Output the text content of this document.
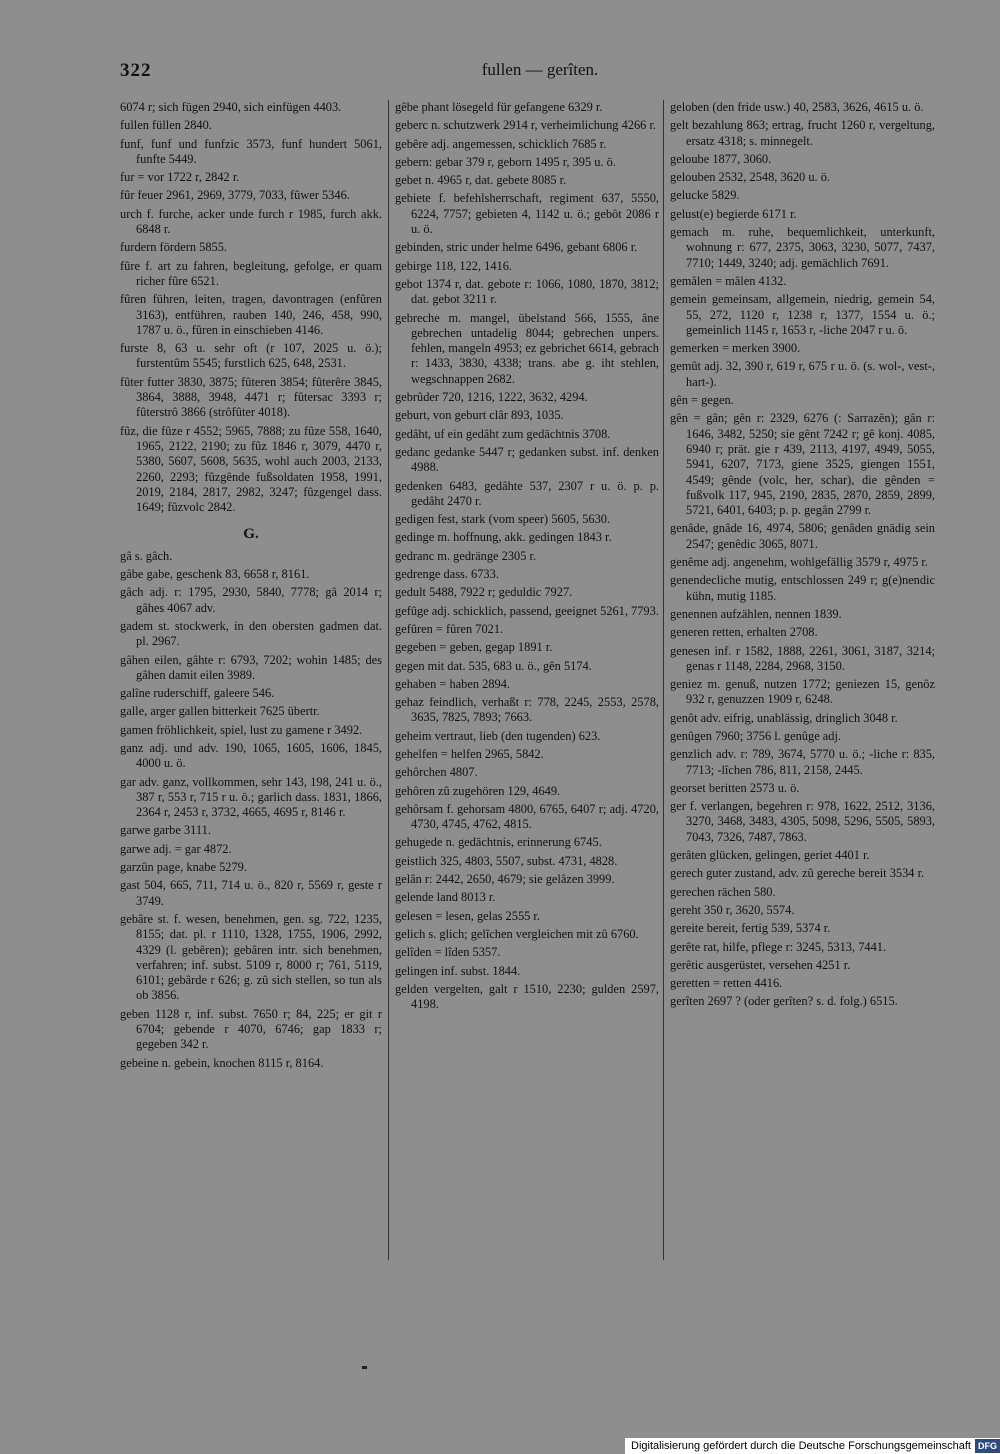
322	fullen — gerîten.

6074 r; sich fügen 2940, sich einfügen 4403.

fullen füllen 2840.

funf, funf und funfzic 3573, funf hundert 5061, funfte 5449.

fur = vor 1722 r, 2842 r.

fûr feuer 2961, 2969, 3779, 7033, fûwer 5346.

urch f. furche, acker unde furch r 1985, furch akk. 6848 r.

furdern fördern 5855.

fûre f. art zu fahren, begleitung, gefolge, er quam richer fûre 6521.

fûren führen, leiten, tragen, davontragen (enfûren 3163), entführen, rauben 140, 246, 458, 990, 1787 u. ö., fûren in einschieben 4146.

furste 8, 63 u. sehr oft (r 107, 2025 u. ö.); furstentûm 5545; furstlich 625, 648, 2531.

fûter futter 3830, 3875; fûteren 3854; fûterêre 3845, 3864, 3888, 3948, 4471 r; fûtersac 3393 r; fûterstrô 3866 (strôfûter 4018).

fûz, die fûze r 4552; 5965, 7888; zu fûze 558, 1640, 1965, 2122, 2190; zu fûz 1846 r, 3079, 4470 r, 5380, 5607, 5608, 5635, wohl auch 2003, 2133, 2260, 2293; fûzgênde fußsoldaten 1958, 1991, 2019, 2184, 2817, 2982, 3247; fûzgengel dass. 1649; fûzvolc 2842.

G.

gâ s. gâch.

gâbe gabe, geschenk 83, 6658 r, 8161.

gâch adj. r: 1795, 2930, 5840, 7778; gâ 2014 r; gâhes 4067 adv.

gadem st. stockwerk, in den obersten gadmen dat. pl. 2967.

gâhen eilen, gâhte r: 6793, 7202; wohin 1485; des gâhen damit eilen 3989.

galîne ruderschiff, galeere 546.

galle, arger gallen bitterkeit 7625 übertr.

gamen fröhlichkeit, spiel, lust zu gamene r 3492.

ganz adj. und adv. 190, 1065, 1605, 1606, 1845, 4000 u. ö.

gar adv. ganz, vollkommen, sehr 143, 198, 241 u. ö., 387 r, 553 r, 715 r u. ö.; garlich dass. 1831, 1866, 2364 r, 2453 r, 3732, 4665, 4695 r, 8146 r.

garwe garbe 3111.

garwe adj. = gar 4872.

garzûn page, knabe 5279.

gast 504, 665, 711, 714 u. ö., 820 r, 5569 r, geste r 3749.

gebâre st. f. wesen, benehmen, gen. sg. 722, 1235, 8155; dat. pl. r 1110, 1328, 1755, 1906, 2992, 4329 (l. gebêren); gebâren intr. sich benehmen, verfahren; inf. subst. 5109 r, 8000 r; 761, 5119, 6101; gebârde r 626; g. zû sich stellen, so tun als ob 3856.

geben 1128 r, inf. subst. 7650 r; 84, 225; er git r 6704; gebende r 4070, 6746; gap 1833 r; gegeben 342 r.

gebeine n. gebein, knochen 8115 r, 8164.

gêbe phant lösegeld für gefangene 6329 r.

geberc n. schutzwerk 2914 r, verheimlichung 4266 r.

gebêre adj. angemessen, schicklich 7685 r.

gebern: gebar 379 r, geborn 1495 r, 395 u. ö.

gebet n. 4965 r, dat. gebete 8085 r.

gebiete f. befehlsherrschaft, regiment 637, 5550, 6224, 7757; gebieten 4, 1142 u. ö.; gebôt 2086 r u. ö.

gebinden, stric under helme 6496, gebant 6806 r.

gebirge 118, 122, 1416.

gebot 1374 r, dat. gebote r: 1066, 1080, 1870, 3812; dat. gebot 3211 r.

gebreche m. mangel, übelstand 566, 1555, âne gebrechen untadelig 8044; gebrechen unpers. fehlen, mangeln 4953; ez gebrichet 6614, gebrach r: 1433, 3830, 4338; trans. abe g. iht stehlen, wegschnappen 2682.

gebrûder 720, 1216, 1222, 3632, 4294.

geburt, von geburt clâr 893, 1035.

gedâht, uf ein gedâht zum gedächtnis 3708.

gedanc gedanke 5447 r; gedanken subst. inf. denken 4988.

gedenken 6483, gedâhte 537, 2307 r u. ö. p. p. gedâht 2470 r.

gedigen fest, stark (vom speer) 5605, 5630.

gedinge m. hoffnung, akk. gedingen 1843 r.

gedranc m. gedränge 2305 r.

gedrenge dass. 6733.

gedult 5488, 7922 r; geduldic 7927.

gefûge adj. schicklich, passend, geeignet 5261, 7793.

gefûren = fûren 7021.

gegeben = geben, gegap 1891 r.

gegen mit dat. 535, 683 u. ö., gên 5174.

gehaben = haben 2894.

gehaz feindlich, verhaßt r: 778, 2245, 2553, 2578, 3635, 7825, 7893; 7663.

geheim vertraut, lieb (den tugenden) 623.

gehelfen = helfen 2965, 5842.

gehôrchen 4807.

gehôren zû zugehören 129, 4649.

gehôrsam f. gehorsam 4800, 6765, 6407 r; adj. 4720, 4730, 4745, 4762, 4815.

gehugede n. gedächtnis, erinnerung 6745.

geistlich 325, 4803, 5507, subst. 4731, 4828.

gelân r: 2442, 2650, 4679; sie gelâzen 3999.

gelende land 8013 r.

gelesen = lesen, gelas 2555 r.

gelich s. glich; gelîchen vergleichen mit zû 6760.

gelîden = lîden 5357.

gelingen inf. subst. 1844.

gelden vergelten, galt r 1510, 2230; gulden 2597, 4198.

geloben (den fride usw.) 40, 2583, 3626, 4615 u. ö.

gelt bezahlung 863; ertrag, frucht 1260 r, vergeltung, ersatz 4318; s. minnegelt.

geloube 1877, 3060.

gelouben 2532, 2548, 3620 u. ö.

gelucke 5829.

gelust(e) begierde 6171 r.

gemach m. ruhe, bequemlichkeit, unterkunft, wohnung r: 677, 2375, 3063, 3230, 5077, 7437, 7710; 1449, 3240; adj. gemächlich 7691.

gemâlen = mâlen 4132.

gemein gemeinsam, allgemein, niedrig, gemein 54, 55, 272, 1120 r, 1238 r, 1377, 1554 u. ö.; gemeinlich 1145 r, 1653 r, -liche 2047 r u. ö.

gemerken = merken 3900.

gemût adj. 32, 390 r, 619 r, 675 r u. ö. (s. wol-, vest-, hart-).

gên = gegen.

gên = gân; gên r: 2329, 6276 (: Sarrazên); gân r: 1646, 3482, 5250; sie gênt 7242 r; gê konj. 4085, 6940 r; prät. gie r 439, 2113, 4197, 4949, 5055, 5941, 6207, 7173, giene 3525, giengen 1551, 4549; gênde (volc, her, schar), die gênden = fußvolk 117, 945, 2190, 2835, 2870, 2859, 2899, 5721, 6401, 6403; p. p. gegân 2799 r.

genâde, gnâde 16, 4974, 5806; genâden gnädig sein 2547; genêdic 3065, 8071.

genême adj. angenehm, wohlgefällig 3579 r, 4975 r.

genendecliche mutig, entschlossen 249 r; g(e)nendic kühn, mutig 1185.

genennen aufzählen, nennen 1839.

generen retten, erhalten 2708.

genesen inf. r 1582, 1888, 2261, 3061, 3187, 3214; genas r 1148, 2284, 2968, 3150.

geniez m. genuß, nutzen 1772; geniezen 15, genôz 932 r, genuzzen 1909 r, 6248.

genôt adv. eifrig, unablässig, dringlich 3048 r.

genûgen 7960; 3756 l. genûge adj.

genzlich adv. r: 789, 3674, 5770 u. ö.; -liche r: 835, 7713; -lîchen 786, 811, 2158, 2445.

georset beritten 2573 u. ö.

ger f. verlangen, begehren r: 978, 1622, 2512, 3136, 3270, 3468, 3483, 4305, 5098, 5296, 5505, 5893, 7043, 7326, 7487, 7863.

gerâten glücken, gelingen, geriet 4401 r.

gerech guter zustand, adv. zû gereche bereit 3534 r.

gerechen rächen 580.

gereht 350 r, 3620, 5574.

gereite bereit, fertig 539, 5374 r.

gerête rat, hilfe, pflege r: 3245, 5313, 7441.

gerêtic ausgerüstet, versehen 4251 r.

geretten = retten 4416.

gerîten 2697 ? (oder gerîten? s. d. folg.) 6515.

Digitalisierung gefördert durch die Deutsche Forschungsgemeinschaft DFG
